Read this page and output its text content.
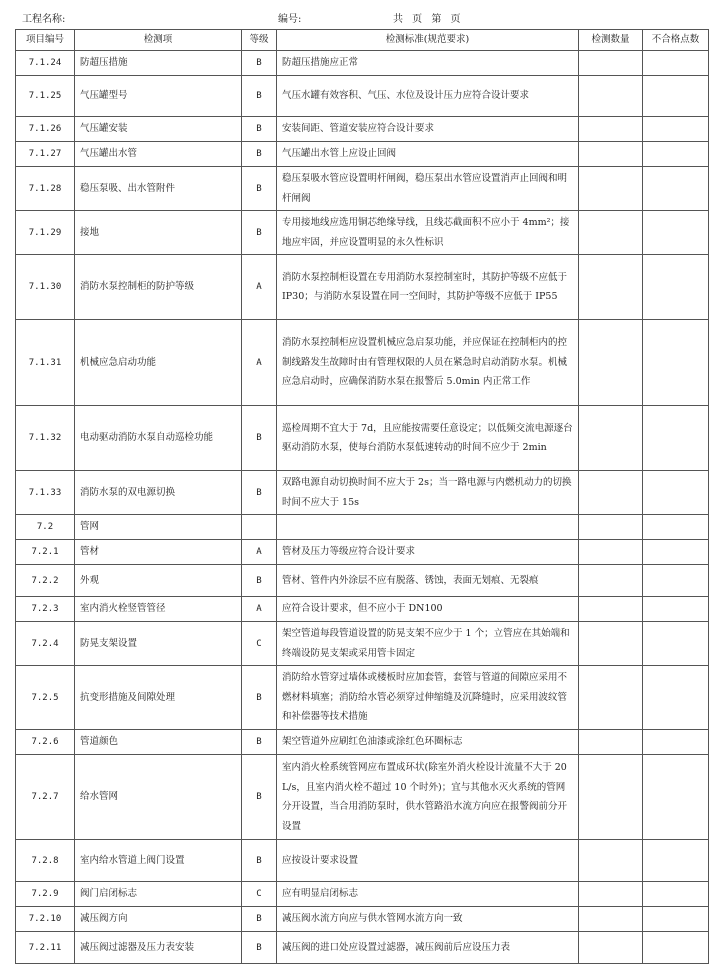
工程名称:	编号:	共 页 第 页
项目编号	检测项	等级	检测标准(规范要求)	检测数量	不合格点数
7.1.24	防超压措施	B	防超压措施应正常		
7.1.25	气压罐型号	B	气压水罐有效容积、气压、水位及设计压力应符合设计要求		
7.1.26	气压罐安装	B	安装间距、管道安装应符合设计要求		
7.1.27	气压罐出水管	B	气压罐出水管上应设止回阀		
7.1.28	稳压泵吸、出水管附件	B	稳压泵吸水管应设置明杆闸阀，稳压泵出水管应设置消声止回阀和明杆闸阀		
7.1.29	接地	B	专用接地线应选用铜芯绝缘导线，且线芯截面积不应小于 4mm²；接地应牢固，并应设置明显的永久性标识		
7.1.30	消防水泵控制柜的防护等级	A	消防水泵控制柜设置在专用消防水泵控制室时，其防护等级不应低于 IP30；与消防水泵设置在同一空间时，其防护等级不应低于 IP55		
7.1.31	机械应急启动功能	A	消防水泵控制柜应设置机械应急启泵功能，并应保证在控制柜内的控制线路发生故障时由有管理权限的人员在紧急时启动消防水泵。机械应急启动时，应确保消防水泵在报警后 5.0min 内正常工作		
7.1.32	电动驱动消防水泵自动巡检功能	B	巡检周期不宜大于 7d，且应能按需要任意设定；以低频交流电源逐台驱动消防水泵，使每台消防水泵低速转动的时间不应少于 2min		
7.1.33	消防水泵的双电源切换	B	双路电源自动切换时间不应大于 2s；当一路电源与内燃机动力的切换时间不应大于 15s		
7.2	管网				
7.2.1	管材	A	管材及压力等级应符合设计要求		
7.2.2	外观	B	管材、管件内外涂层不应有脱落、锈蚀，表面无划痕、无裂痕		
7.2.3	室内消火栓竖管管径	A	应符合设计要求，但不应小于 DN100		
7.2.4	防晃支架设置	C	架空管道每段管道设置的防晃支架不应少于 1 个；立管应在其始端和终端设防晃支架或采用管卡固定		
7.2.5	抗变形措施及间隙处理	B	消防给水管穿过墙体或楼板时应加套管，套管与管道的间隙应采用不燃材料填塞；消防给水管必须穿过伸缩缝及沉降缝时，应采用波纹管和补偿器等技术措施		
7.2.6	管道颜色	B	架空管道外应刷红色油漆或涂红色环圈标志		
7.2.7	给水管网	B	室内消火栓系统管网应布置成环状(除室外消火栓设计流量不大于 20L/s，且室内消火栓不超过 10 个时外)；宜与其他水灭火系统的管网分开设置，当合用消防泵时，供水管路沿水流方向应在报警阀前分开设置		
7.2.8	室内给水管道上阀门设置	B	应按设计要求设置		
7.2.9	阀门启闭标志	C	应有明显启闭标志		
7.2.10	减压阀方向	B	减压阀水流方向应与供水管网水流方向一致		
7.2.11	减压阀过滤器及压力表安装	B	减压阀的进口处应设置过滤器，减压阀前后应设压力表		
